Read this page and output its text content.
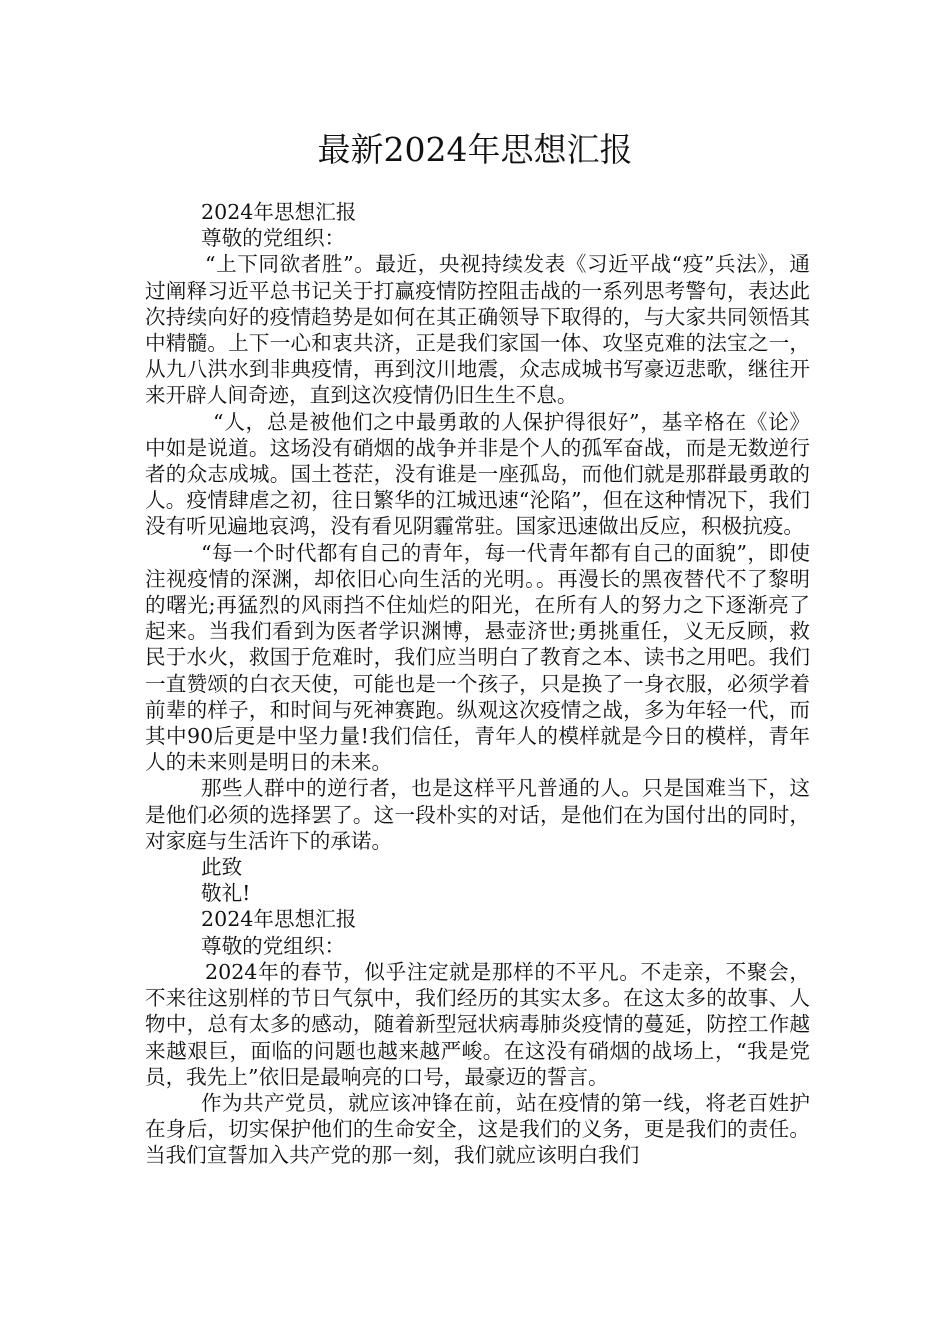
最新2024年思想汇报

2024年思想汇报

尊敬的党组织：

“上下同欲者胜”。最近，央视持续发表《习近平战“疫”兵法》，通过阐释习近平总书记关于打赢疫情防控阻击战的一系列思考警句，表达此次持续向好的疫情趋势是如何在其正确领导下取得的，与大家共同领悟其中精髓。上下一心和衷共济，正是我们家国一体、攻坚克难的法宝之一，从九八洪水到非典疫情，再到汶川地震，众志成城书写豪迈悲歌，继往开来开辟人间奇迹，直到这次疫情仍旧生生不息。

“人，总是被他们之中最勇敢的人保护得很好”，基辛格在《论》中如是说道。这场没有硝烟的战争并非是个人的孤军奋战，而是无数逆行者的众志成城。国土苍茫，没有谁是一座孤岛，而他们就是那群最勇敢的人。疫情肆虐之初，往日繁华的江城迅速“沦陷”，但在这种情况下，我们没有听见遍地哀鸿，没有看见阴霾常驻。国家迅速做出反应，积极抗疫。

“每一个时代都有自己的青年，每一代青年都有自己的面貌”，即使注视疫情的深渊，却依旧心向生活的光明。。再漫长的黑夜替代不了黎明的曙光;再猛烈的风雨挡不住灿烂的阳光，在所有人的努力之下逐渐亮了起来。当我们看到为医者学识渊博，悬壶济世;勇挑重任，义无反顾，救民于水火，救国于危难时，我们应当明白了教育之本、读书之用吧。我们一直赞颂的白衣天使，可能也是一个孩子，只是换了一身衣服，必须学着前辈的样子，和时间与死神赛跑。纵观这次疫情之战，多为年轻一代，而其中90后更是中坚力量!我们信任，青年人的模样就是今日的模样，青年人的未来则是明日的未来。

那些人群中的逆行者，也是这样平凡普通的人。只是国难当下，这是他们必须的选择罢了。这一段朴实的对话，是他们在为国付出的同时，对家庭与生活许下的承诺。

此致

敬礼!

2024年思想汇报

尊敬的党组织：

2024年的春节，似乎注定就是那样的不平凡。不走亲，不聚会，不来往这别样的节日气氛中，我们经历的其实太多。在这太多的故事、人物中，总有太多的感动，随着新型冠状病毒肺炎疫情的蔓延，防控工作越来越艰巨，面临的问题也越来越严峻。在这没有硝烟的战场上，“我是党员，我先上”依旧是最响亮的口号，最豪迈的誓言。

作为共产党员，就应该冲锋在前，站在疫情的第一线，将老百姓护在身后，切实保护他们的生命安全，这是我们的义务，更是我们的责任。当我们宣誓加入共产党的那一刻，我们就应该明白我们
